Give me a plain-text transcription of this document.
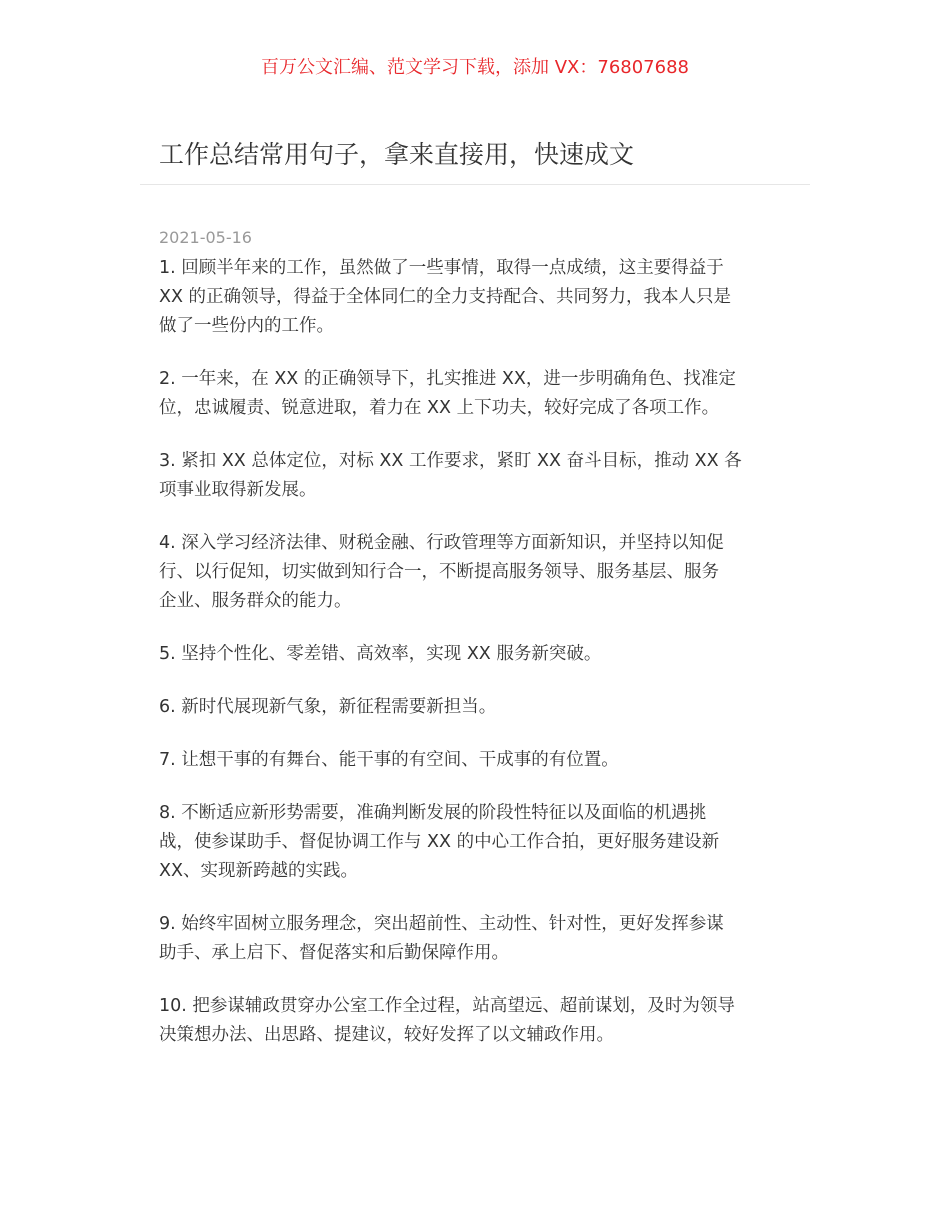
百万公文汇编、范文学习下载，添加 VX：76807688
工作总结常用句子，拿来直接用，快速成文
2021-05-16
1. 回顾半年来的工作，虽然做了一些事情，取得一点成绩，这主要得益于
XX 的正确领导，得益于全体同仁的全力支持配合、共同努力，我本人只是
做了一些份内的工作。
2. 一年来，在 XX 的正确领导下，扎实推进 XX，进一步明确角色、找准定
位，忠诚履责、锐意进取，着力在 XX 上下功夫，较好完成了各项工作。
3. 紧扣 XX 总体定位，对标 XX 工作要求，紧盯 XX 奋斗目标，推动 XX 各
项事业取得新发展。
4. 深入学习经济法律、财税金融、行政管理等方面新知识，并坚持以知促
行、以行促知，切实做到知行合一，不断提高服务领导、服务基层、服务
企业、服务群众的能力。
5. 坚持个性化、零差错、高效率，实现 XX 服务新突破。
6. 新时代展现新气象，新征程需要新担当。
7. 让想干事的有舞台、能干事的有空间、干成事的有位置。
8. 不断适应新形势需要，准确判断发展的阶段性特征以及面临的机遇挑
战，使参谋助手、督促协调工作与 XX 的中心工作合拍，更好服务建设新
XX、实现新跨越的实践。
9. 始终牢固树立服务理念，突出超前性、主动性、针对性，更好发挥参谋
助手、承上启下、督促落实和后勤保障作用。
10. 把参谋辅政贯穿办公室工作全过程，站高望远、超前谋划，及时为领导
决策想办法、出思路、提建议，较好发挥了以文辅政作用。
